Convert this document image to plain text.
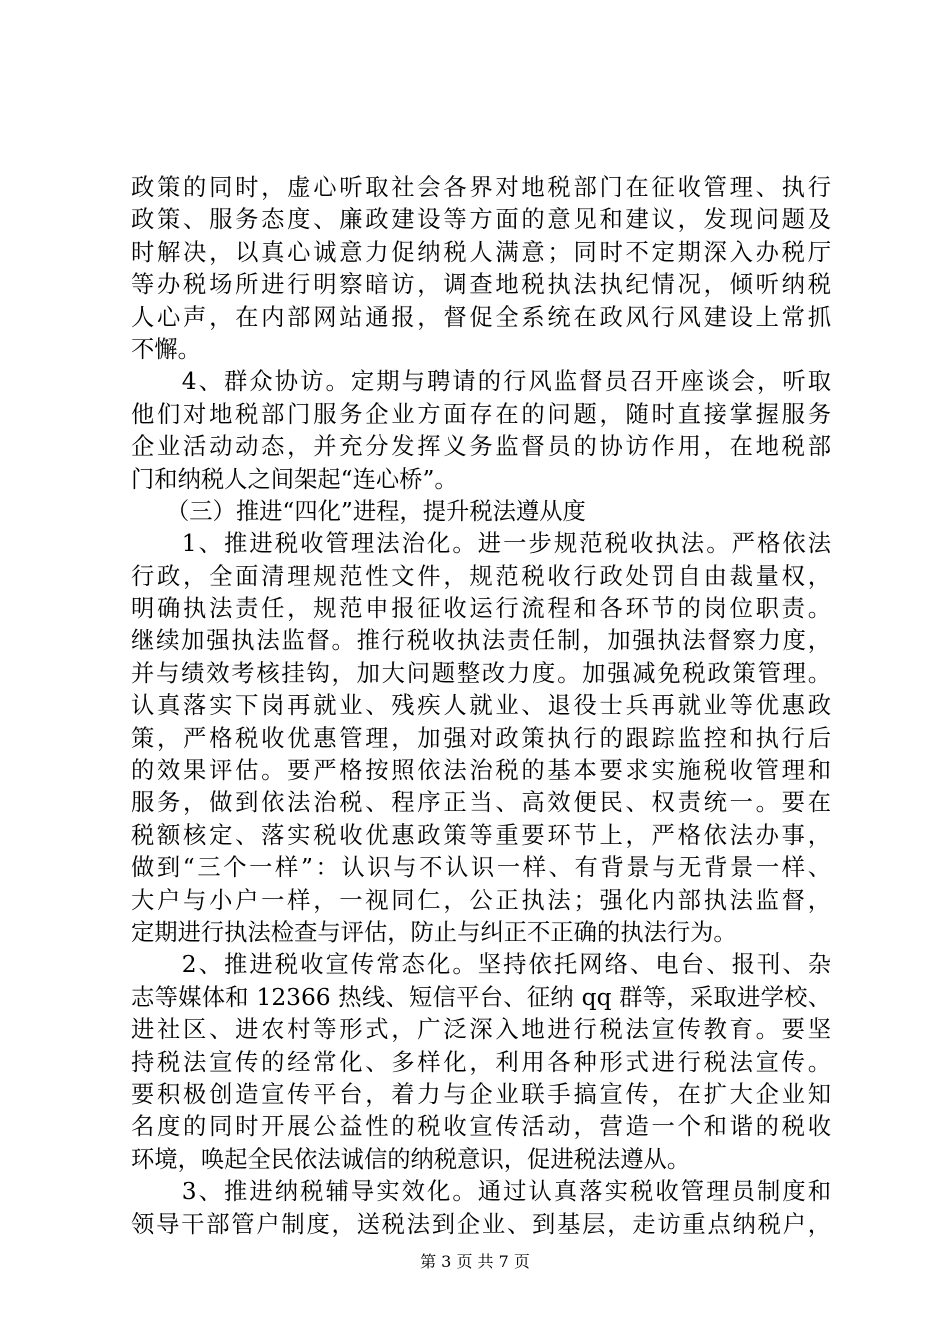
政策的同时，虚心听取社会各界对地税部门在征收管理、执行
政策、服务态度、廉政建设等方面的意见和建议，发现问题及
时解决，以真心诚意力促纳税人满意；同时不定期深入办税厅
等办税场所进行明察暗访，调查地税执法执纪情况，倾听纳税
人心声，在内部网站通报，督促全系统在政风行风建设上常抓
不懈。
　　4、群众协访。定期与聘请的行风监督员召开座谈会，听取
他们对地税部门服务企业方面存在的问题，随时直接掌握服务
企业活动动态，并充分发挥义务监督员的协访作用，在地税部
门和纳税人之间架起“连心桥”。
　　（三）推进“四化”进程，提升税法遵从度
　　1、推进税收管理法治化。进一步规范税收执法。严格依法
行政，全面清理规范性文件，规范税收行政处罚自由裁量权，
明确执法责任，规范申报征收运行流程和各环节的岗位职责。
继续加强执法监督。推行税收执法责任制，加强执法督察力度，
并与绩效考核挂钩，加大问题整改力度。加强减免税政策管理。
认真落实下岗再就业、残疾人就业、退役士兵再就业等优惠政
策，严格税收优惠管理，加强对政策执行的跟踪监控和执行后
的效果评估。要严格按照依法治税的基本要求实施税收管理和
服务，做到依法治税、程序正当、高效便民、权责统一。要在
税额核定、落实税收优惠政策等重要环节上，严格依法办事，
做到“三个一样”：认识与不认识一样、有背景与无背景一样、
大户与小户一样，一视同仁，公正执法；强化内部执法监督，
定期进行执法检查与评估，防止与纠正不正确的执法行为。
　　2、推进税收宣传常态化。坚持依托网络、电台、报刊、杂
志等媒体和 12366 热线、短信平台、征纳 qq 群等，采取进学校、
进社区、进农村等形式，广泛深入地进行税法宣传教育。要坚
持税法宣传的经常化、多样化，利用各种形式进行税法宣传。
要积极创造宣传平台，着力与企业联手搞宣传，在扩大企业知
名度的同时开展公益性的税收宣传活动，营造一个和谐的税收
环境，唤起全民依法诚信的纳税意识，促进税法遵从。
　　3、推进纳税辅导实效化。通过认真落实税收管理员制度和
领导干部管户制度，送税法到企业、到基层，走访重点纳税户，
第 3 页 共 7 页
